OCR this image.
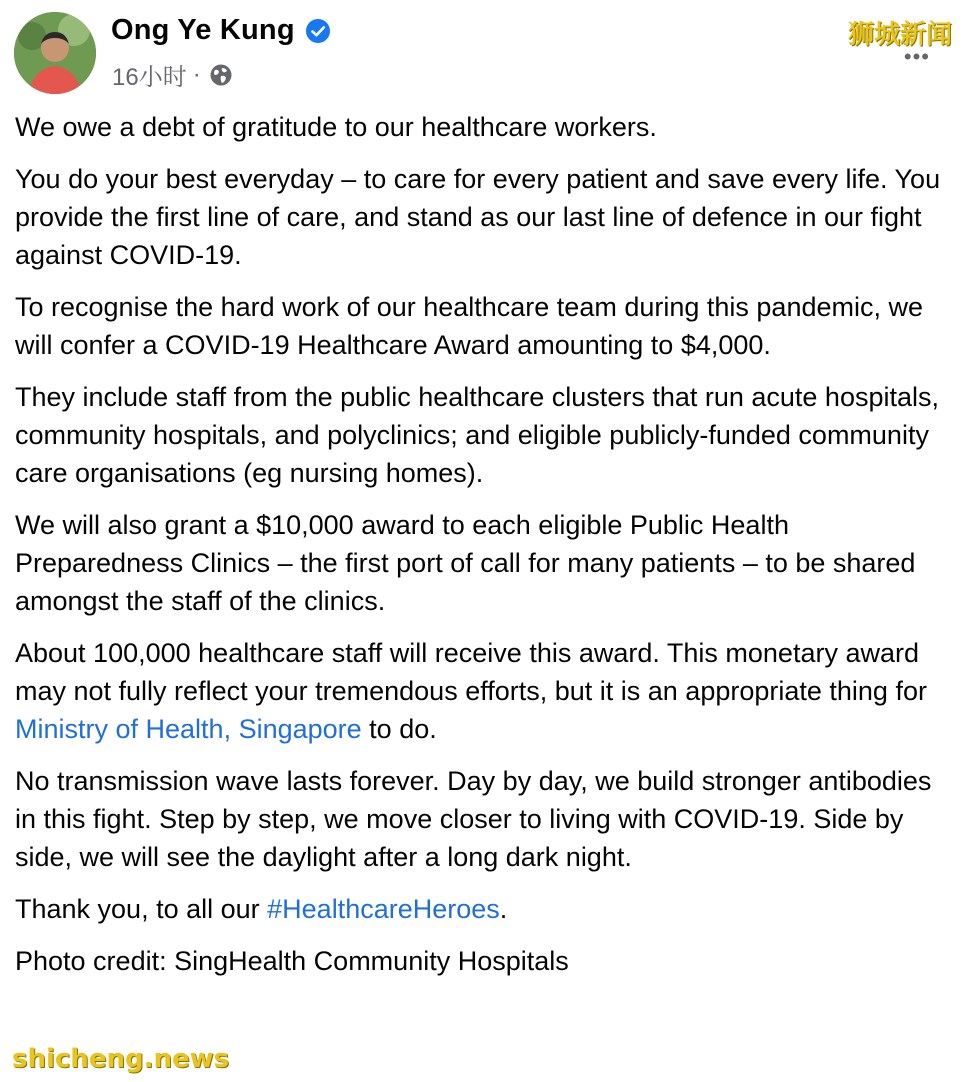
Ong Ye Kung
16小时 ·
狮城新闻
•••

We owe a debt of gratitude to our healthcare workers.

You do your best everyday – to care for every patient and save every life. You provide the first line of care, and stand as our last line of defence in our fight against COVID-19.

To recognise the hard work of our healthcare team during this pandemic, we will confer a COVID-19 Healthcare Award amounting to $4,000.

They include staff from the public healthcare clusters that run acute hospitals, community hospitals, and polyclinics; and eligible publicly-funded community care organisations (eg nursing homes).

We will also grant a $10,000 award to each eligible Public Health Preparedness Clinics – the first port of call for many patients – to be shared amongst the staff of the clinics.

About 100,000 healthcare staff will receive this award. This monetary award may not fully reflect your tremendous efforts, but it is an appropriate thing for Ministry of Health, Singapore to do.

No transmission wave lasts forever. Day by day, we build stronger antibodies in this fight. Step by step, we move closer to living with COVID-19. Side by side, we will see the daylight after a long dark night.

Thank you, to all our #HealthcareHeroes.

Photo credit: SingHealth Community Hospitals

shicheng.news
